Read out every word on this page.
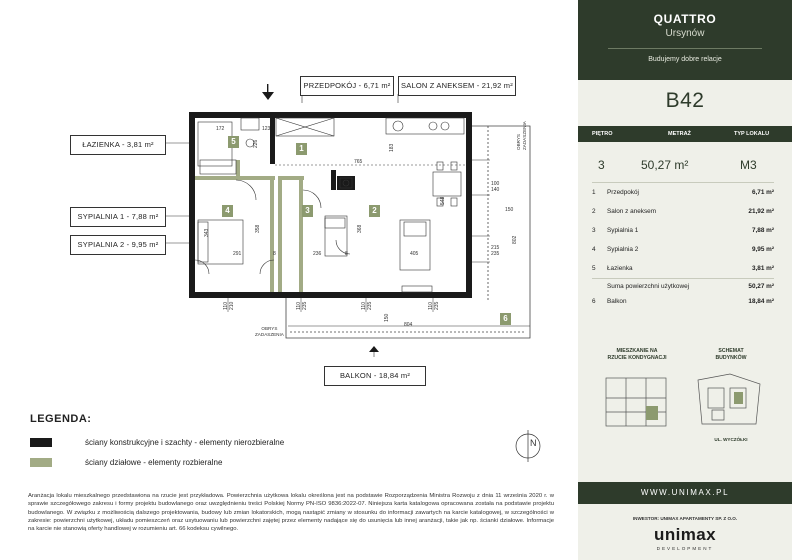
N
ŁAZIENKA - 3,81 m²
SYPIALNIA 1 - 7,88 m²
SYPIALNIA 2 - 9,95 m²
PRZEDPOKÓJ - 6,71 m²	SALON Z ANEKSEM - 21,92 m²
BALKON - 18,84 m²
1
2
3
4
5
6
172	123
226
765
183
100
140
150
548
368
358
343
291	8	236	8	405
215
235
802
804
150
110 210	110 235	110 235	110 235
OBRYS
ZADASZENIA
OBRYS
ZADASZENIA
LEGENDA:
ściany konstrukcyjne i szachty - elementy nierozbieralne
ściany działowe - elementy rozbieralne
Aranżacja lokalu mieszkalnego przedstawiona na rzucie jest przykładowa. Powierzchnia użytkowa lokalu określona jest na podstawie Rozporządzenia Ministra Rozwoju z dnia 11 września 2020 r. w sprawie szczegółowego zakresu i formy projektu budowlanego oraz uwzględnieniu treści Polskiej Normy PN-ISO 9836:2022-07. Niniejsza karta katalogowa opracowana została na podstawie projektu budowlanego. W związku z możliwością dalszego projektowania, budowy lub zmian lokatorskich, mogą nastąpić zmiany w stosunku do informacji zawartych na karcie katalogowej, w szczególności w zakresie: powierzchni użytkowej, układu pomieszczeń oraz usytuowaniu lub powierzchni zajętej przez elementy nadające się do usunięcia lub innej aranżacji, takie jak np. ścianki działowe. Informacje na karcie nie stanowią oferty handlowej w rozumieniu art. 66 kodeksu cywilnego.
QUATTRO
Ursynów
Budujemy dobre relacje
B42
PIĘTRO	METRAŻ	TYP LOKALU
3	50,27 m²	M3
1 Przedpokój	6,71 m²
2 Salon z aneksem	21,92 m²
3 Sypialnia 1	7,88 m²
4 Sypialnia 2	9,95 m²
5 Łazienka	3,81 m²
Suma powierzchni użytkowej	50,27 m²
6 Balkon	18,84 m²
MIESZKANIE NA
RZUCIE KONDYGNACJI
SCHEMAT
BUDYNKÓW
UL. WYCZÓŁKI
WWW.UNIMAX.PL
INWESTOR: UNIMAX APARTAMENTY SP. Z O.O.
unimax
DEVELOPMENT
